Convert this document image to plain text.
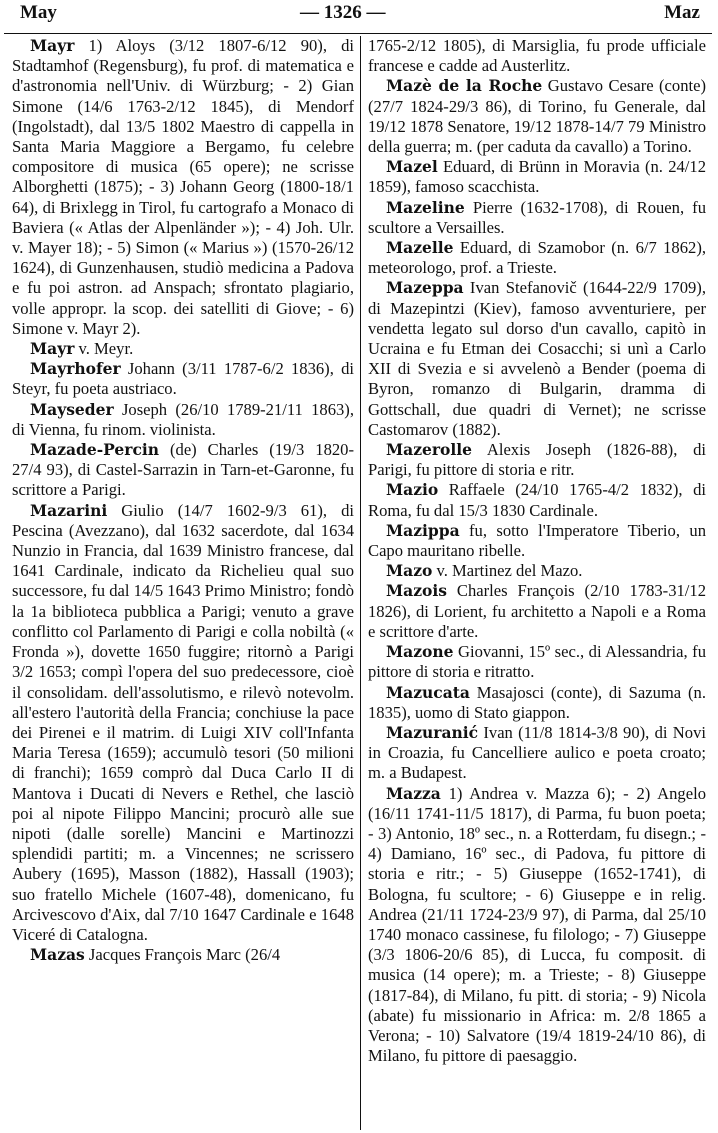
May	— 1326 —	Maz

Mayr 1) Aloys (3/12 1807-6/12 90), di Stadtamhof (Regensburg), fu prof. di matematica e d'astronomia nell'Univ. di Würzburg; - 2) Gian Simone (14/6 1763-2/12 1845), di Mendorf (Ingolstadt), dal 13/5 1802 Maestro di cappella in Santa Maria Maggiore a Bergamo, fu celebre compositore di musica (65 opere); ne scrisse Alborghetti (1875); - 3) Johann Georg (1800-18/1 64), di Brixlegg in Tirol, fu cartografo a Monaco di Baviera (« Atlas der Alpenländer »); - 4) Joh. Ulr. v. Mayer 18); - 5) Simon (« Marius ») (1570-26/12 1624), di Gunzenhausen, studiò medicina a Padova e fu poi astron. ad Anspach; sfrontato plagiario, volle appropr. la scop. dei satelliti di Giove; - 6) Simone v. Mayr 2).

Mayr v. Meyr.

Mayrhofer Johann (3/11 1787-6/2 1836), di Steyr, fu poeta austriaco.

Mayseder Joseph (26/10 1789-21/11 1863), di Vienna, fu rinom. violinista.

Mazade-Percin (de) Charles (19/3 1820-27/4 93), di Castel-Sarrazin in Tarn-et-Garonne, fu scrittore a Parigi.

Mazarini Giulio (14/7 1602-9/3 61), di Pescina (Avezzano), dal 1632 sacerdote, dal 1634 Nunzio in Francia, dal 1639 Ministro francese, dal 1641 Cardinale, indicato da Richelieu qual suo successore, fu dal 14/5 1643 Primo Ministro; fondò la 1a biblioteca pubblica a Parigi; venuto a grave conflitto col Parlamento di Parigi e colla nobiltà (« Fronda »), dovette 1650 fuggire; ritornò a Parigi 3/2 1653; compì l'opera del suo predecessore, cioè il consolidam. dell'assolutismo, e rilevò notevolm. all'estero l'autorità della Francia; conchiuse la pace dei Pirenei e il matrim. di Luigi XIV coll'Infanta Maria Teresa (1659); accumulò tesori (50 milioni di franchi); 1659 comprò dal Duca Carlo II di Mantova i Ducati di Nevers e Rethel, che lasciò poi al nipote Filippo Mancini; procurò alle sue nipoti (dalle sorelle) Mancini e Martinozzi splendidi partiti; m. a Vincennes; ne scrissero Aubery (1695), Masson (1882), Hassall (1903); suo fratello Michele (1607-48), domenicano, fu Arcivescovo d'Aix, dal 7/10 1647 Cardinale e 1648 Viceré di Catalogna.

Mazas Jacques François Marc (26/4

1765-2/12 1805), di Marsiglia, fu prode ufficiale francese e cadde ad Austerlitz.

Mazè de la Roche Gustavo Cesare (conte) (27/7 1824-29/3 86), di Torino, fu Generale, dal 19/12 1878 Senatore, 19/12 1878-14/7 79 Ministro della guerra; m. (per caduta da cavallo) a Torino.

Mazel Eduard, di Brünn in Moravia (n. 24/12 1859), famoso scacchista.

Mazeline Pierre (1632-1708), di Rouen, fu scultore a Versailles.

Mazelle Eduard, di Szamobor (n. 6/7 1862), meteorologo, prof. a Trieste.

Mazeppa Ivan Stefanovič (1644-22/9 1709), di Mazepintzi (Kiev), famoso avventuriere, per vendetta legato sul dorso d'un cavallo, capitò in Ucraina e fu Etman dei Cosacchi; si unì a Carlo XII di Svezia e si avvelenò a Bender (poema di Byron, romanzo di Bulgarin, dramma di Gottschall, due quadri di Vernet); ne scrisse Castomarov (1882).

Mazerolle Alexis Joseph (1826-88), di Parigi, fu pittore di storia e ritr.

Mazio Raffaele (24/10 1765-4/2 1832), di Roma, fu dal 15/3 1830 Cardinale.

Mazippa fu, sotto l'Imperatore Tiberio, un Capo mauritano ribelle.

Mazo v. Martinez del Mazo.

Mazois Charles François (2/10 1783-31/12 1826), di Lorient, fu architetto a Napoli e a Roma e scrittore d'arte.

Mazone Giovanni, 15º sec., di Alessandria, fu pittore di storia e ritratto.

Mazucata Masajosci (conte), di Sazuma (n. 1835), uomo di Stato giappon.

Mazuranić Ivan (11/8 1814-3/8 90), di Novi in Croazia, fu Cancelliere aulico e poeta croato; m. a Budapest.

Mazza 1) Andrea v. Mazza 6); - 2) Angelo (16/11 1741-11/5 1817), di Parma, fu buon poeta; - 3) Antonio, 18º sec., n. a Rotterdam, fu disegn.; - 4) Damiano, 16º sec., di Padova, fu pittore di storia e ritr.; - 5) Giuseppe (1652-1741), di Bologna, fu scultore; - 6) Giuseppe e in relig. Andrea (21/11 1724-23/9 97), di Parma, dal 25/10 1740 monaco cassinese, fu filologo; - 7) Giuseppe (3/3 1806-20/6 85), di Lucca, fu composit. di musica (14 opere); m. a Trieste; - 8) Giuseppe (1817-84), di Milano, fu pitt. di storia; - 9) Nicola (abate) fu missionario in Africa: m. 2/8 1865 a Verona; - 10) Salvatore (19/4 1819-24/10 86), di Milano, fu pittore di paesaggio.
